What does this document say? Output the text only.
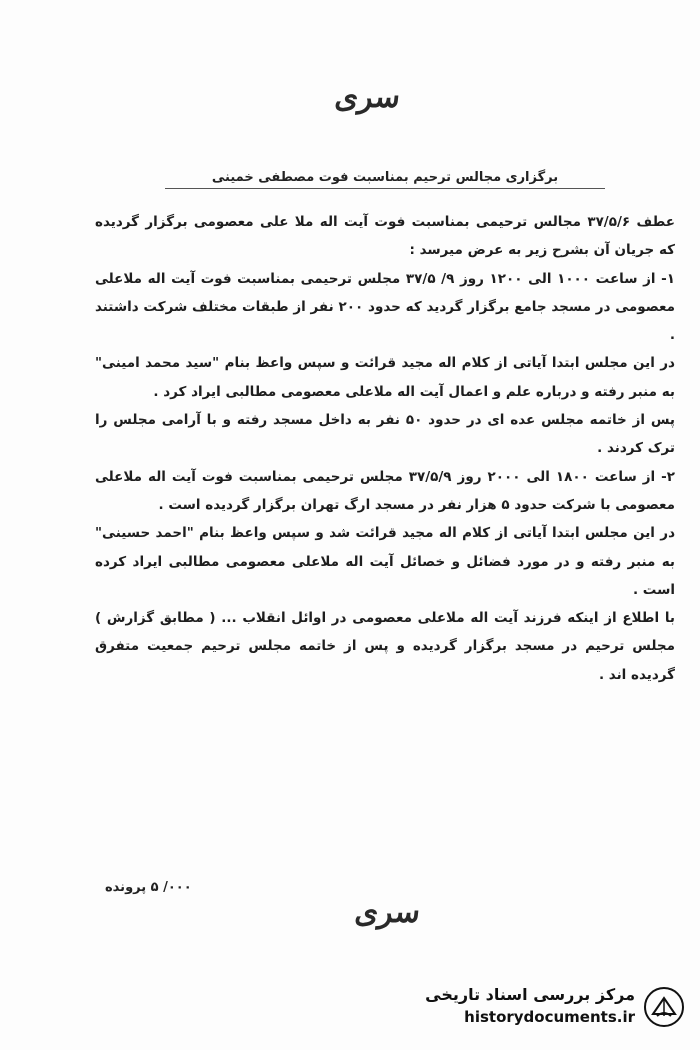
سری
برگزاری مجالس ترحیم بمناسبت فوت مصطفی خمینی

عطف ۳۷/۵/۶ مجالس ترحیمی بمناسبت فوت آیت اله ملا علی معصومی برگزار گردیده که جریان آن بشرح زیر به عرض میرسد :

۱- از ساعت ۱۰۰۰ الی ۱۲۰۰ روز ۹/ ۳۷/۵ مجلس ترحیمی بمناسبت فوت آیت اله ملاعلی معصومی در مسجد جامع برگزار گردید که حدود ۲۰۰ نفر از طبقات مختلف شرکت داشتند .

در این مجلس ابتدا آیاتی از کلام اله مجید قرائت و سپس واعظ بنام "سید محمد امینی" به منبر رفته و درباره علم و اعمال آیت اله ملاعلی معصومی مطالبی ایراد کرد .

پس از خاتمه مجلس عده ای در حدود ۵۰ نفر به داخل مسجد رفته و با آرامی مجلس را ترک کردند .

۲- از ساعت ۱۸۰۰ الی ۲۰۰۰ روز ۳۷/۵/۹ مجلس ترحیمی بمناسبت فوت آیت اله ملاعلی معصومی با شرکت حدود ۵ هزار نفر در مسجد ارگ تهران برگزار گردیده است .

در این مجلس ابتدا آیاتی از کلام اله مجید قرائت شد و سپس واعظ بنام "احمد حسینی" به منبر رفته و در مورد فضائل و خصائل آیت اله ملاعلی معصومی مطالبی ایراد کرده است .

با اطلاع از اینکه فرزند آیت اله ملاعلی معصومی در اوائل انقلاب ... ( مطابق گزارش ) مجلس ترحیم در مسجد برگزار گردیده و پس از خاتمه مجلس ترحیم جمعیت متفرق گردیده اند .

۰۰۰/ ۵ پرونده
سری
مرکز بررسی اسناد تاریخی
historydocuments.ir
